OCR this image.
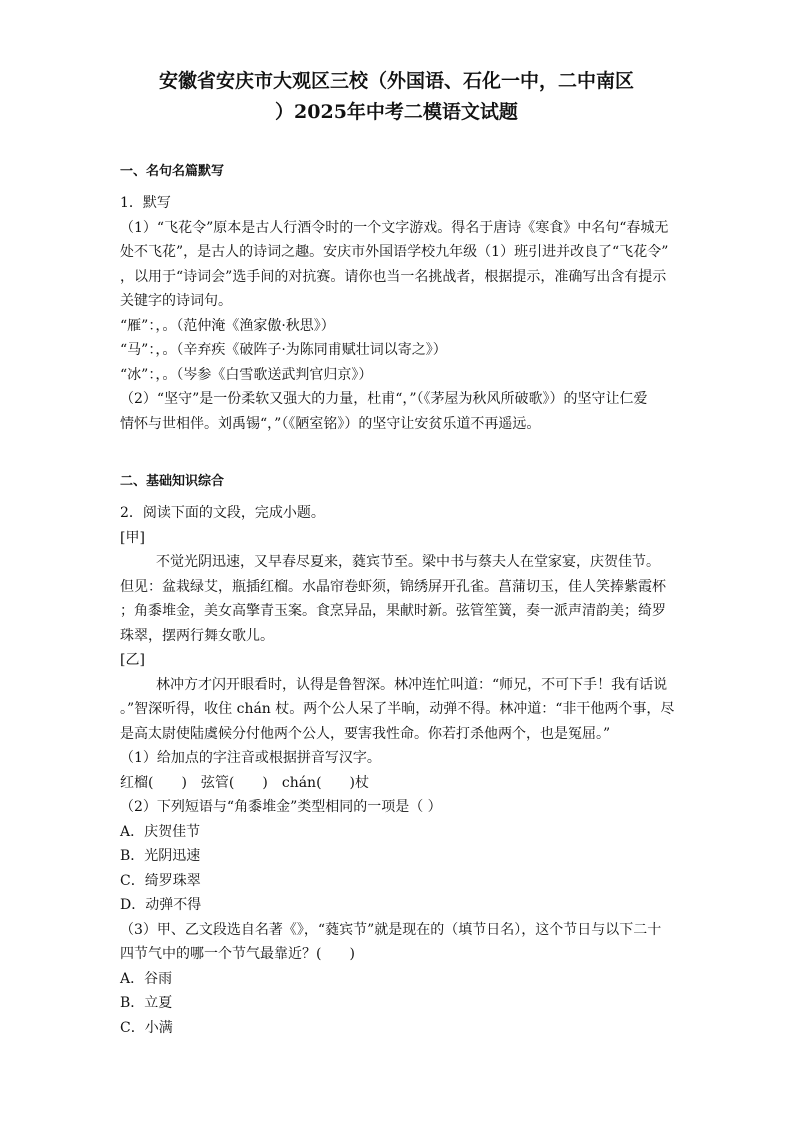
安徽省安庆市大观区三校（外国语、石化一中，二中南区
）2025年中考二模语文试题
一、名句名篇默写
1．默写
（1）“飞花令”原本是古人行酒令时的一个文字游戏。得名于唐诗《寒食》中名句“春城无
处不飞花”，是古人的诗词之趣。安庆市外国语学校九年级（1）班引进并改良了“飞花令”
，以用于“诗词会”选手间的对抗赛。请你也当一名挑战者，根据提示，准确写出含有提示
关键字的诗词句。
“雁”：，。（范仲淹《渔家傲·秋思》）
“马”：，。（辛弃疾《破阵子·为陈同甫赋壮词以寄之》）
“冰”：，。（岑参《白雪歌送武判官归京》）
（2）“坚守”是一份柔软又强大的力量，杜甫“，”（《茅屋为秋风所破歌》）的坚守让仁爱
情怀与世相伴。刘禹锡“，”（《陋室铭》）的坚守让安贫乐道不再遥远。
二、基础知识综合
2．阅读下面的文段，完成小题。
[甲]
不觉光阴迅速，又早春尽夏来，蕤宾节至。梁中书与蔡夫人在堂家宴，庆贺佳节。
但见：盆栽绿艾，瓶插红榴。水晶帘卷虾须，锦绣屏开孔雀。菖蒲切玉，佳人笑捧紫霞杯
；角黍堆金，美女高擎青玉案。食烹异品，果献时新。弦管笙簧，奏一派声清韵美；绮罗
珠翠，摆两行舞女歌儿。
[乙]
林冲方才闪开眼看时，认得是鲁智深。林冲连忙叫道：“师兄，不可下手！我有话说
。”智深听得，收住 chán 杖。两个公人呆了半晌，动弹不得。林冲道：“非干他两个事，尽
是高太尉使陆虞候分付他两个公人，要害我性命。你若打杀他两个，也是冤屈。”
（1）给加点的字注音或根据拼音写汉字。
红榴(　　)　弦管(　　)　chán(　　)杖
（2）下列短语与“角黍堆金”类型相同的一项是（ ）
A．庆贺佳节
B．光阴迅速
C．绮罗珠翠
D．动弹不得
（3）甲、乙文段选自名著《》，“蕤宾节”就是现在的（填节日名），这个节日与以下二十
四节气中的哪一个节气最靠近？(　　)
A．谷雨
B．立夏
C．小满
